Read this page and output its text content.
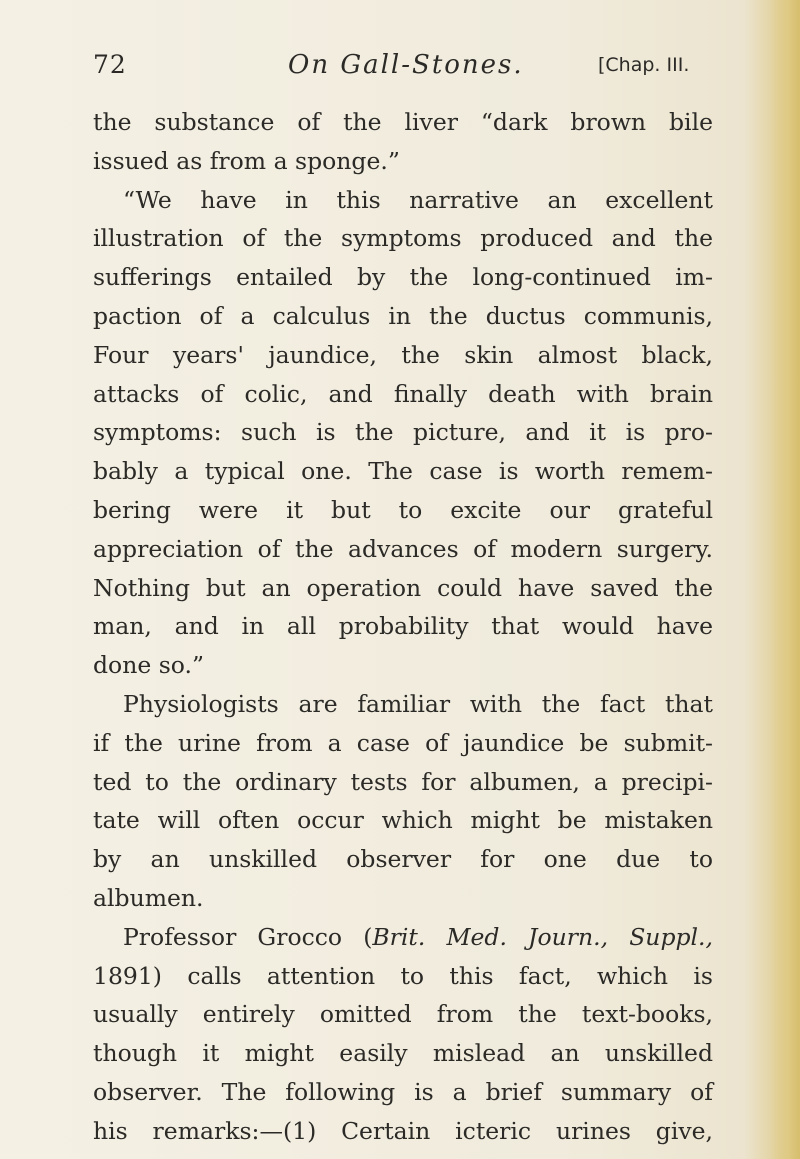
72	On Gall-Stones.	[Chap. III.
the substance of the liver “dark brown bile
issued as from a sponge.”
“We have in this narrative an excellent
illustration of the symptoms produced and the
sufferings entailed by the long-continued im-
paction of a calculus in the ductus communis,
Four years' jaundice, the skin almost black,
attacks of colic, and finally death with brain
symptoms: such is the picture, and it is pro-
bably a typical one. The case is worth remem-
bering were it but to excite our grateful
appreciation of the advances of modern surgery.
Nothing but an operation could have saved the
man, and in all probability that would have
done so.”
Physiologists are familiar with the fact that
if the urine from a case of jaundice be submit-
ted to the ordinary tests for albumen, a precipi-
tate will often occur which might be mistaken
by an unskilled observer for one due to
albumen.
Professor Grocco (Brit. Med. Journ., Suppl.,
1891) calls attention to this fact, which is
usually entirely omitted from the text-books,
though it might easily mislead an unskilled
observer. The following is a brief summary of
his remarks:—(1) Certain icteric urines give,
